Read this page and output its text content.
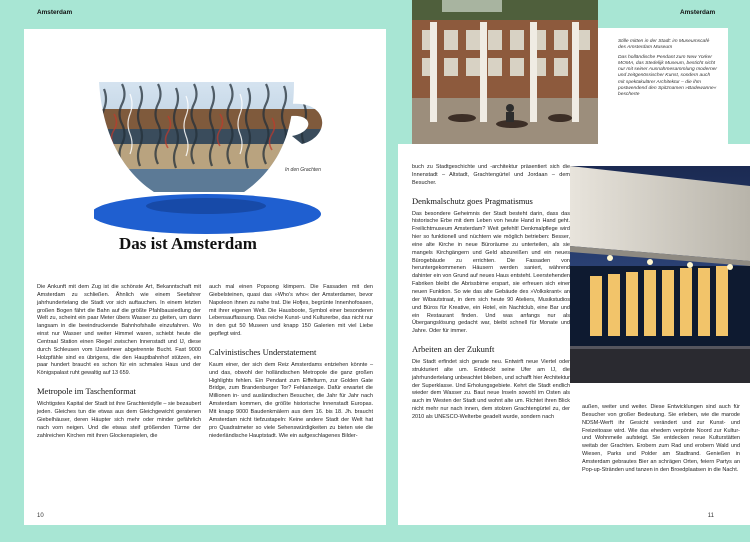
Amsterdam	Amsterdam
In den Grachten
Das ist Amsterdam

Die Ankunft mit dem Zug ist die schönste Art, Bekanntschaft mit Amsterdam zu schließen. Ähnlich wie einem Seefahrer jahrhundertelang die Stadt vor sich auftauchen. In einem letzten großen Bogen fährt die Bahn auf die größte Pfahlbausiedlung der Welt zu, scheint ein paar Meter übers Wasser zu gleiten, um dann langsam in die beeindruckende Bahnhofshalle einzufahren. Wo einst nur Wasser und weiter Himmel waren, schiebt heute die Centraal Station einen Riegel zwischen Innenstadt und IJ, diese durch Schleusen vom IJsselmeer abgetrennte Bucht. Fast 9000 Holzpfähle sind es übrigens, die den Hauptbahnhof stützen, ein paar hundert braucht es schon für ein schmales Haus und der Königspalast ruht gewaltig auf 13 659.

Metropole im Taschenformat

Wichtigstes Kapital der Stadt ist ihre Grachtenidylle – sie bezaubert jeden. Gleiches tun die etwas aus dem Gleichgewicht geratenen Giebelhäuser, deren Häupter sich mehr oder minder gefährlich nach vorn neigen. Und die etwas steif größenden Türme der zahlreichen Kirchen mit ihren Glockenspielen, die

auch mal einen Popsong klimpern. Die Fassaden mit den Giebelsteinen, quasi das »Who’s who« der Amsterdamer, bevor Napoleon ihnen zu nahe trat. Die Hofjes, begrünte Innenhofoasen, mit ihrer eigenen Welt. Die Hausboote, Symbol einer besonderen Lebensauffassung. Das reiche Kunst- und Kulturerbe, das nicht nur in den gut 50 Museen und knapp 150 Galerien mit viel Liebe gepflegt wird.

Calvinistisches Understatement

Kaum einer, der sich dem Reiz Amsterdams entziehen könnte – und das, obwohl der holländischen Metropole die ganz großen Highlights fehlen. Ein Pendant zum Eiffelturm, zur Golden Gate Bridge, zum Brandenburger Tor? Fehlanzeige. Dafür erwartet die Millionen in- und ausländischen Besucher, die Jahr für Jahr nach Amsterdam kommen, die größte historische Innenstadt Europas. Mit knapp 9000 Baudenkmälern aus dem 16. bis 18. Jh. braucht Amsterdam nicht tiefzustapeln: Keine andere Stadt der Welt hat pro Quadratmeter so viele Sehenswürdigkeiten zu bieten wie die niederländische Hauptstadt. Wie ein aufgeschlagenes Bilder-

10

Stille mitten in der Stadt: im Museumscafé des Amsterdam Museum

Das holländische Pendant zum New Yorker MOMA, das Stedelijk Museum, besticht nicht nur mit seiner Ausnahmesammlung moderner und zeitgenössischer Kunst, sondern auch mit spektakulärer Architektur – die ihm postwendend den Spitznamen »Badewanne« bescherte

buch zu Stadtgeschichte und -architektur präsentiert sich die Innenstadt – Altstadt, Grachtengürtel und Jordaan – dem Besucher.

Denkmalschutz goes Pragmatismus

Das besondere Geheimnis der Stadt besteht darin, dass das historische Erbe mit dem Leben von heute Hand in Hand geht. Freilichtmuseum Amsterdam? Weit gefehlt! Denkmalpflege wird hier so funktionell und nüchtern wie möglich betrieben: Besser, eine alte Kirche in neue Büroräume zu unterteilen, als sie mangels Kirchgängern und Geld abzureißen und ein neues Bürogebäude zu errichten. Die Fassaden von heruntergekommenen Häusern werden saniert, während dahinter ein von Grund auf neues Haus entsteht. Leerstehenden Fabriken bleibt die Abrissbirne erspart, sie erfreuen sich einer neuen Funktion. So wie das alte Gebäude des »Volkskrant« an der Wibautstraat, in dem sich heute 90 Ateliers, Musikstudios und Büros für Kreative, ein Hotel, ein Nachtclub, eine Bar und ein Restaurant finden. Und was anfangs nur als Übergangslösung gedacht war, bleibt schnell für Monate und Jahre. Oder für immer.

Arbeiten an der Zukunft

Die Stadt erfindet sich gerade neu. Entwirft neue Viertel oder strukturiert alte um. Entdeckt seine Ufer am IJ, die jahrhundertelang unbeachtet blieben, und schafft hier Architektur der Superklasse. Und Erholungsgebiete. Kehrt die Stadt endlich wieder dem Wasser zu. Baut neue Inseln sowohl im Osten als auch im Westen der Stadt und wohnt alte um. Richtet ihren Blick nicht mehr nur nach innen, dem stolzen Grachtengürtel zu, der 2010 als UNESCO-Welterbe geadelt wurde, sondern nach

außen, weiter und weiter. Diese Entwicklungen sind auch für Besucher von großer Bedeutung. Sie erleben, wie die marode NDSM-Werft ihr Gesicht verändert und zur Kunst- und Freizeitoase wird. Wie das ehedem verpönte Noord zur Kultur- und Wohnmeile aufsteigt. Sie entdecken neue Kulturstätten weitab der Grachten. Erobern zum Rad und erobern Wald und Wiesen, Parks und Polder am Stadtrand. Genießen in Amsterdam gebrautes Bier an schrägen Orten, feiern Partys an Pop-up-Stränden und tanzen in den Broedplaatsen in die Nacht.

11
